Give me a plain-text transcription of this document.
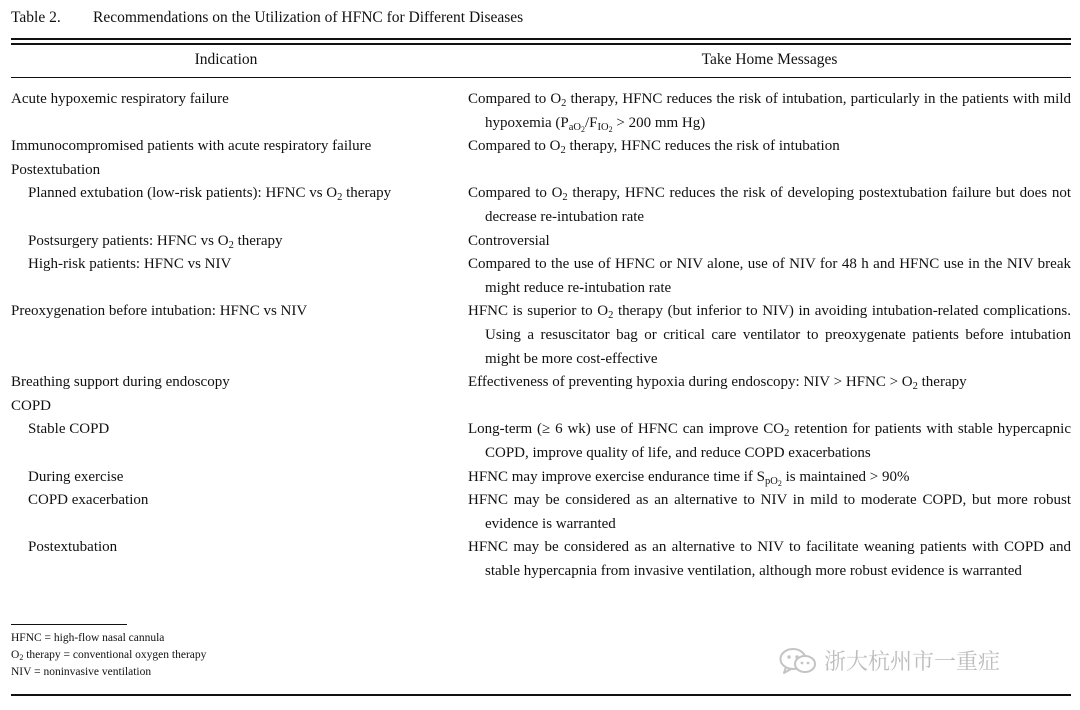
Table 2. Recommendations on the Utilization of HFNC for Different Diseases
Indication	Take Home Messages
Acute hypoxemic respiratory failure	Compared to $O_2$ therapy, HFNC reduces the risk of intubation, particularly in the patients with mild hypoxemia ($P_{aO_2}/F_{IO_2} > 200$ mm Hg)
Immunocompromised patients with acute respiratory failure	Compared to $O_2$ therapy, HFNC reduces the risk of intubation
Postextubation
Planned extubation (low-risk patients): HFNC vs $O_2$ therapy	Compared to $O_2$ therapy, HFNC reduces the risk of developing postextubation failure but does not decrease re-intubation rate
Postsurgery patients: HFNC vs $O_2$ therapy	Controversial
High-risk patients: HFNC vs NIV	Compared to the use of HFNC or NIV alone, use of NIV for 48 h and HFNC use in the NIV break might reduce re-intubation rate
Preoxygenation before intubation: HFNC vs NIV	HFNC is superior to $O_2$ therapy (but inferior to NIV) in avoiding intubation-related complications. Using a resuscitator bag or critical care ventilator to preoxygenate patients before intubation might be more cost-effective
Breathing support during endoscopy	Effectiveness of preventing hypoxia during endoscopy: NIV > HFNC > $O_2$ therapy
COPD
Stable COPD	Long-term (≥ 6 wk) use of HFNC can improve $CO_2$ retention for patients with stable hypercapnic COPD, improve quality of life, and reduce COPD exacerbations
During exercise	HFNC may improve exercise endurance time if $S_{pO_2}$ is maintained > 90%
COPD exacerbation	HFNC may be considered as an alternative to NIV in mild to moderate COPD, but more robust evidence is warranted
Postextubation	HFNC may be considered as an alternative to NIV to facilitate weaning patients with COPD and stable hypercapnia from invasive ventilation, although more robust evidence is warranted
HFNC = high-flow nasal cannula
$O_2$ therapy = conventional oxygen therapy
NIV = noninvasive ventilation	浙大杭州市一重症
